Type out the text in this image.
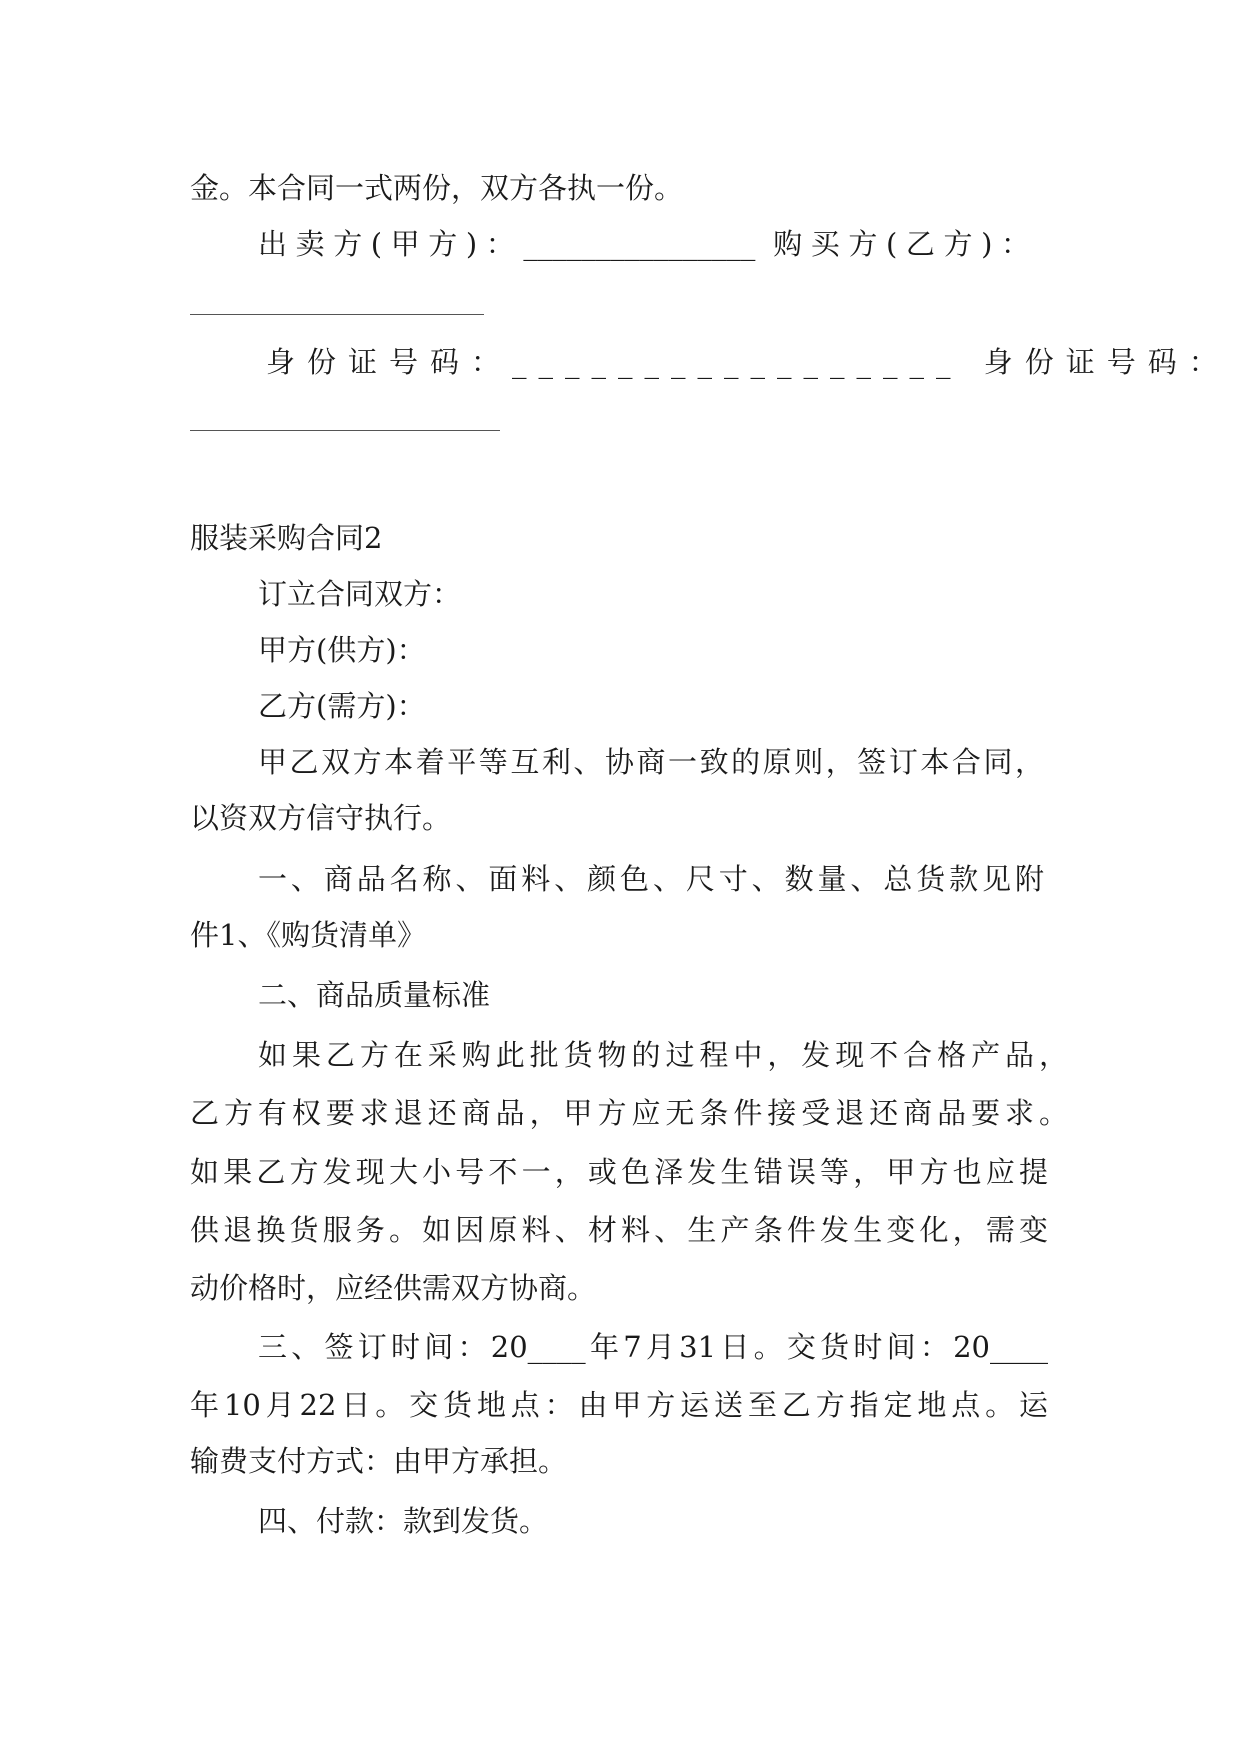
金。本合同一式两份，双方各执一份。

出卖方(甲方)：________________ 购买方(乙方)：

身份证号码：_________________ 身份证号码：

服装采购合同2

订立合同双方：

甲方(供方)：

乙方(需方)：

甲乙双方本着平等互利、协商一致的原则，签订本合同，

以资双方信守执行。

一、商品名称、面料、颜色、尺寸、数量、总货款见附

件1、《购货清单》

二、商品质量标准

如果乙方在采购此批货物的过程中，发现不合格产品，

乙方有权要求退还商品，甲方应无条件接受退还商品要求。

如果乙方发现大小号不一，或色泽发生错误等，甲方也应提

供退换货服务。如因原料、材料、生产条件发生变化，需变

动价格时，应经供需双方协商。

三、签订时间：20____年7月31日。交货时间：20____

年10月22日。交货地点：由甲方运送至乙方指定地点。运

输费支付方式：由甲方承担。

四、付款：款到发货。
